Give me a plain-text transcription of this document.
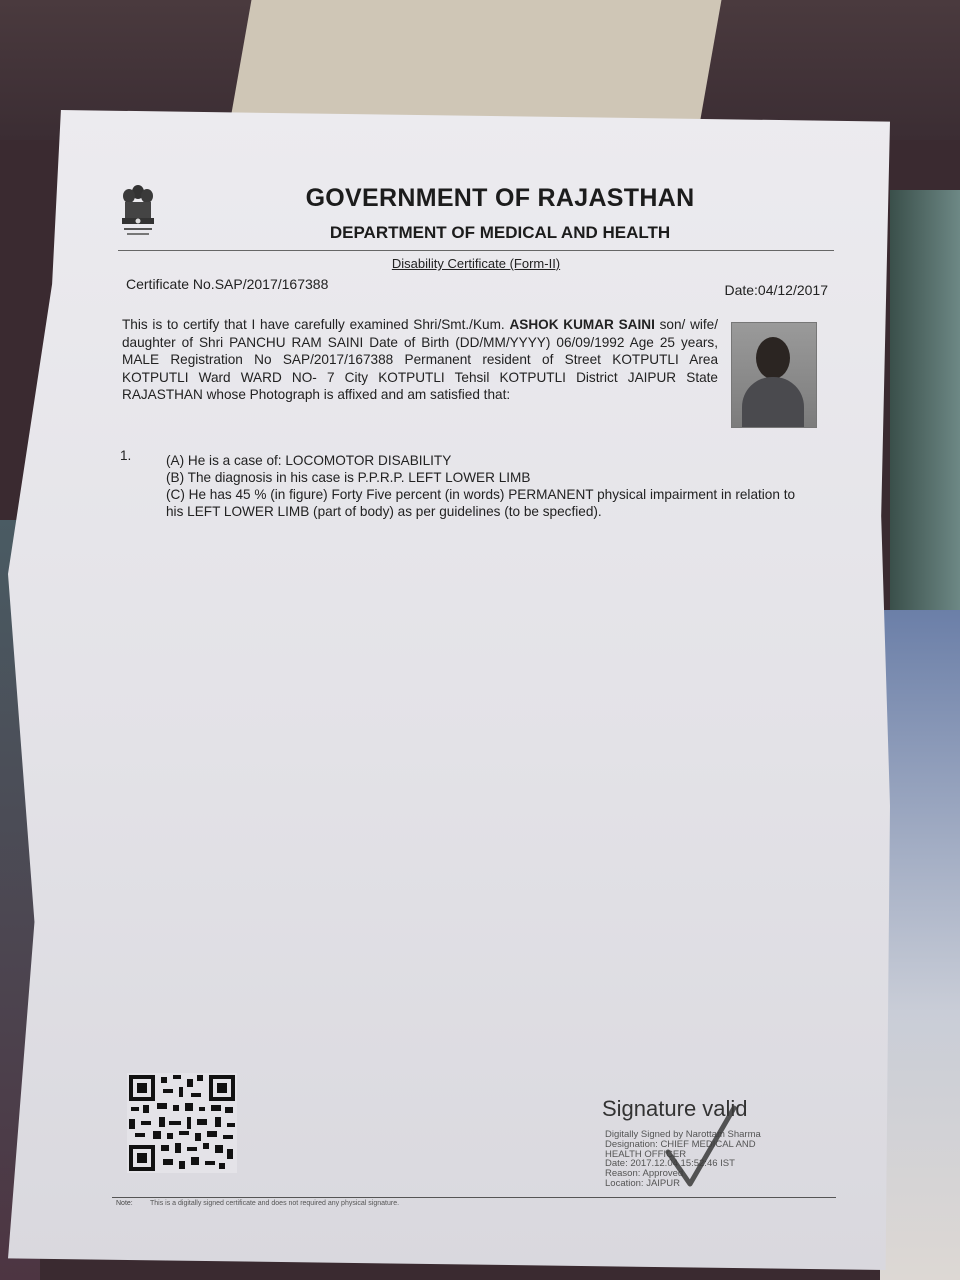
GOVERNMENT OF RAJASTHAN
DEPARTMENT OF MEDICAL AND HEALTH
Disability Certificate (Form-II)
Certificate No.SAP/2017/167388	Date:04/12/2017
This is to certify that I have carefully examined Shri/Smt./Kum. ASHOK KUMAR SAINI son/ wife/ daughter of Shri PANCHU RAM SAINI Date of Birth (DD/MM/YYYY) 06/09/1992 Age 25 years, MALE Registration No SAP/2017/167388 Permanent resident of Street KOTPUTLI Area KOTPUTLI Ward WARD NO- 7 City KOTPUTLI Tehsil KOTPUTLI District JAIPUR State RAJASTHAN whose Photograph is affixed and am satisfied that:
1.	(A) He is a case of: LOCOMOTOR DISABILITY
(B) The diagnosis in his case is P.P.R.P. LEFT LOWER LIMB
(C) He has 45 % (in figure) Forty Five percent (in words) PERMANENT physical impairment in relation to his LEFT LOWER LIMB (part of body) as per guidelines (to be specfied).
Signature valid
Digitally Signed by Narottam Sharma
Designation: CHIEF MEDICAL AND
HEALTH OFFICER
Date: 2017.12.04 15:52:46 IST
Reason: Approved
Location: JAIPUR
Note: This is a digitally signed certificate and does not required any physical signature.
